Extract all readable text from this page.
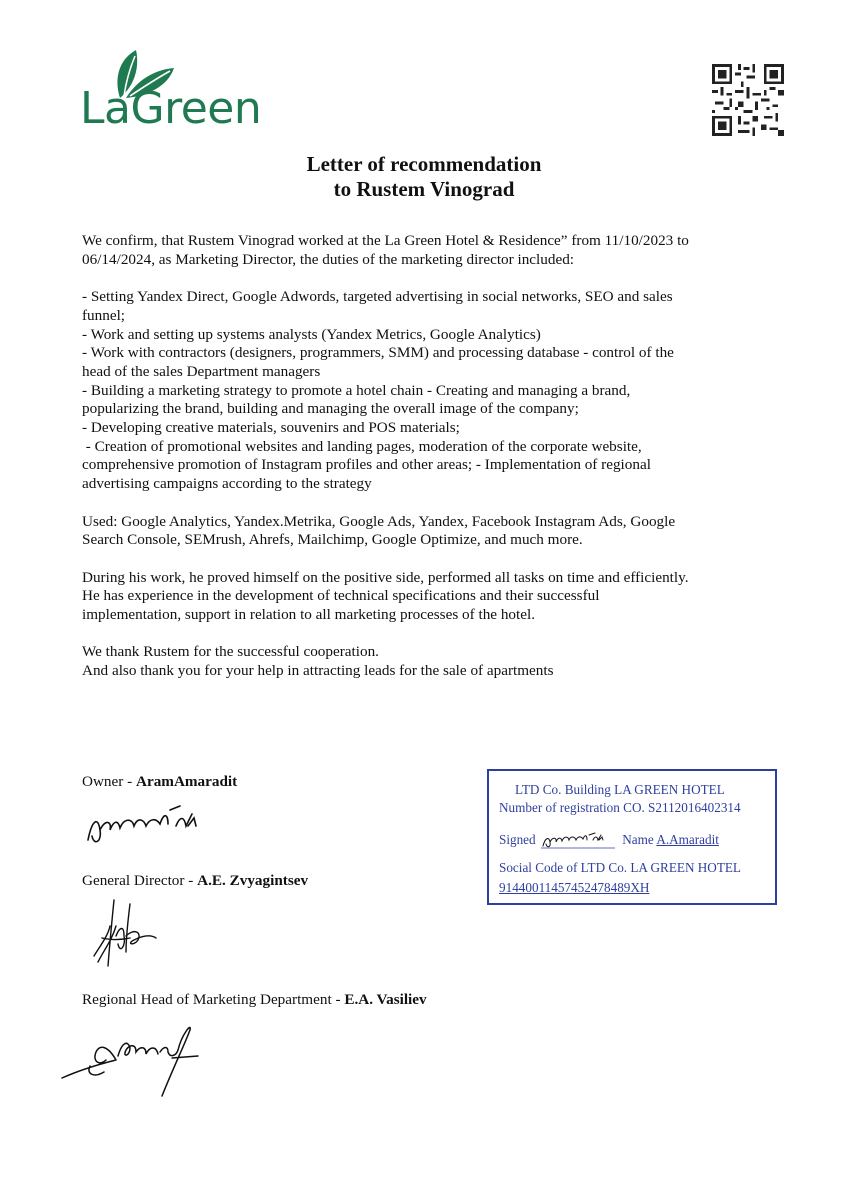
LaGreen
Letter of recommendation
to Rustem Vinograd

We confirm, that Rustem Vinograd worked at the La Green Hotel & Residence” from 11/10/2023 to

06/14/2024, as Marketing Director, the duties of the marketing director included:

- Setting Yandex Direct, Google Adwords, targeted advertising in social networks, SEO and sales

funnel;

- Work and setting up systems analysts (Yandex Metrics, Google Analytics)

- Work with contractors (designers, programmers, SMM) and processing database - control of the

head of the sales Department managers

- Building a marketing strategy to promote a hotel chain - Creating and managing a brand,

popularizing the brand, building and managing the overall image of the company;

- Developing creative materials, souvenirs and POS materials;

- Creation of promotional websites and landing pages, moderation of the corporate website,

comprehensive promotion of Instagram profiles and other areas; - Implementation of regional

advertising campaigns according to the strategy

Used: Google Analytics, Yandex.Metrika, Google Ads, Yandex, Facebook Instagram Ads, Google

Search Console, SEMrush, Ahrefs, Mailchimp, Google Optimize, and much more.

During his work, he proved himself on the positive side, performed all tasks on time and efficiently.

He has experience in the development of technical specifications and their successful

implementation, support in relation to all marketing processes of the hotel.

We thank Rustem for the successful cooperation.

And also thank you for your help in attracting leads for the sale of apartments

Owner - AramAmaradit
General Director - A.E. Zvyagintsev
Regional Head of Marketing Department - E.A. Vasiliev
LTD Co. Building LA GREEN HOTEL
Number of registration CO. S2112016402314
Signed	Name A.Amaradit
Social Code of LTD Co. LA GREEN HOTEL
91440011457452478489XH
